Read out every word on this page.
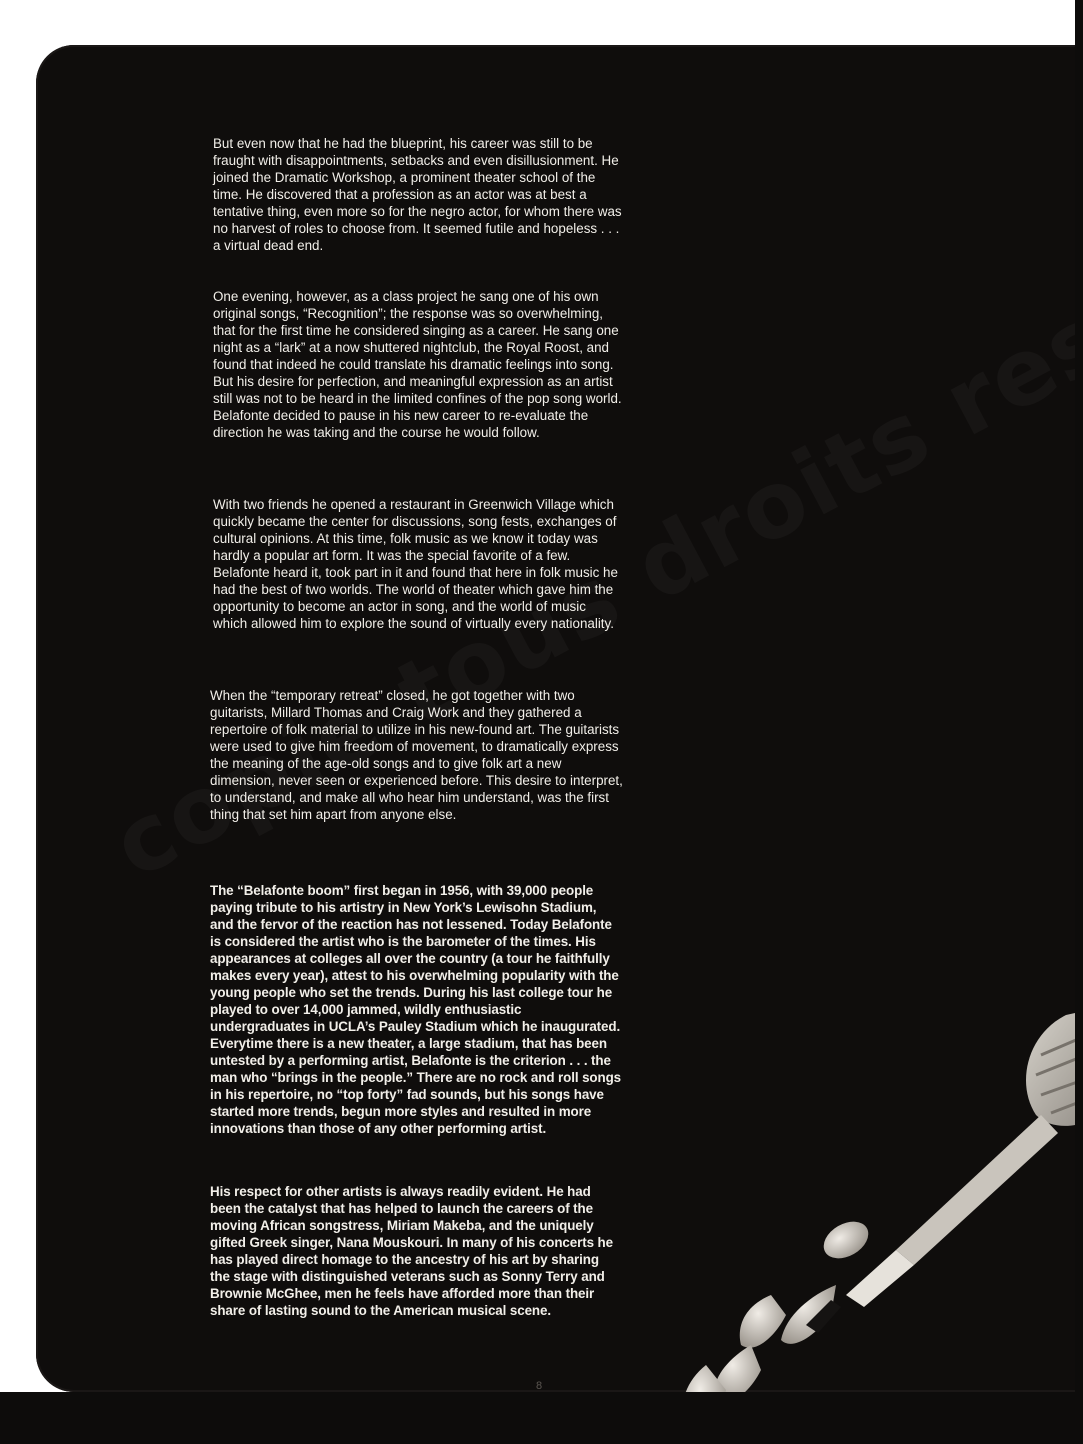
But even now that he had the blueprint, his career was still to be fraught with disappointments, setbacks and even disillusionment. He joined the Dramatic Workshop, a prominent theater school of the time. He discovered that a profession as an actor was at best a tentative thing, even more so for the negro actor, for whom there was no harvest of roles to choose from. It seemed futile and hopeless . . . a virtual dead end.

One evening, however, as a class project he sang one of his own original songs, “Recognition”; the response was so overwhelming, that for the first time he considered singing as a career. He sang one night as a “lark” at a now shuttered nightclub, the Royal Roost, and found that indeed he could translate his dramatic feelings into song. But his desire for perfection, and meaningful expression as an artist still was not to be heard in the limited confines of the pop song world. Belafonte decided to pause in his new career to re-evaluate the direction he was taking and the course he would follow.

With two friends he opened a restaurant in Greenwich Village which quickly became the center for discussions, song fests, exchanges of cultural opinions. At this time, folk music as we know it today was hardly a popular art form. It was the special favorite of a few. Belafonte heard it, took part in it and found that here in folk music he had the best of two worlds. The world of theater which gave him the opportunity to become an actor in song, and the world of music which allowed him to explore the sound of virtually every nationality.

When the “temporary retreat” closed, he got together with two guitarists, Millard Thomas and Craig Work and they gathered a repertoire of folk material to utilize in his new-found art. The guitarists were used to give him freedom of movement, to dramatically express the meaning of the age-old songs and to give folk art a new dimension, never seen or experienced before. This desire to interpret, to understand, and make all who hear him understand, was the first thing that set him apart from anyone else.

The “Belafonte boom” first began in 1956, with 39,000 people paying tribute to his artistry in New York’s Lewisohn Stadium, and the fervor of the reaction has not lessened. Today Belafonte is considered the artist who is the barometer of the times. His appearances at colleges all over the country (a tour he faithfully makes every year), attest to his overwhelming popularity with the young people who set the trends. During his last college tour he played to over 14,000 jammed, wildly enthusiastic undergraduates in UCLA’s Pauley Stadium which he inaugurated. Everytime there is a new theater, a large stadium, that has been untested by a performing artist, Belafonte is the criterion . . . the man who “brings in the people.” There are no rock and roll songs in his repertoire, no “top forty” fad sounds, but his songs have started more trends, begun more styles and resulted in more innovations than those of any other performing artist.

His respect for other artists is always readily evident. He had been the catalyst that has helped to launch the careers of the moving African songstress, Miriam Makeba, and the uniquely gifted Greek singer, Nana Mouskouri. In many of his concerts he has played direct homage to the ancestry of his art by sharing the stage with distinguished veterans such as Sonny Terry and Brownie McGhee, men he feels have afforded more than their share of lasting sound to the American musical scene.

8
